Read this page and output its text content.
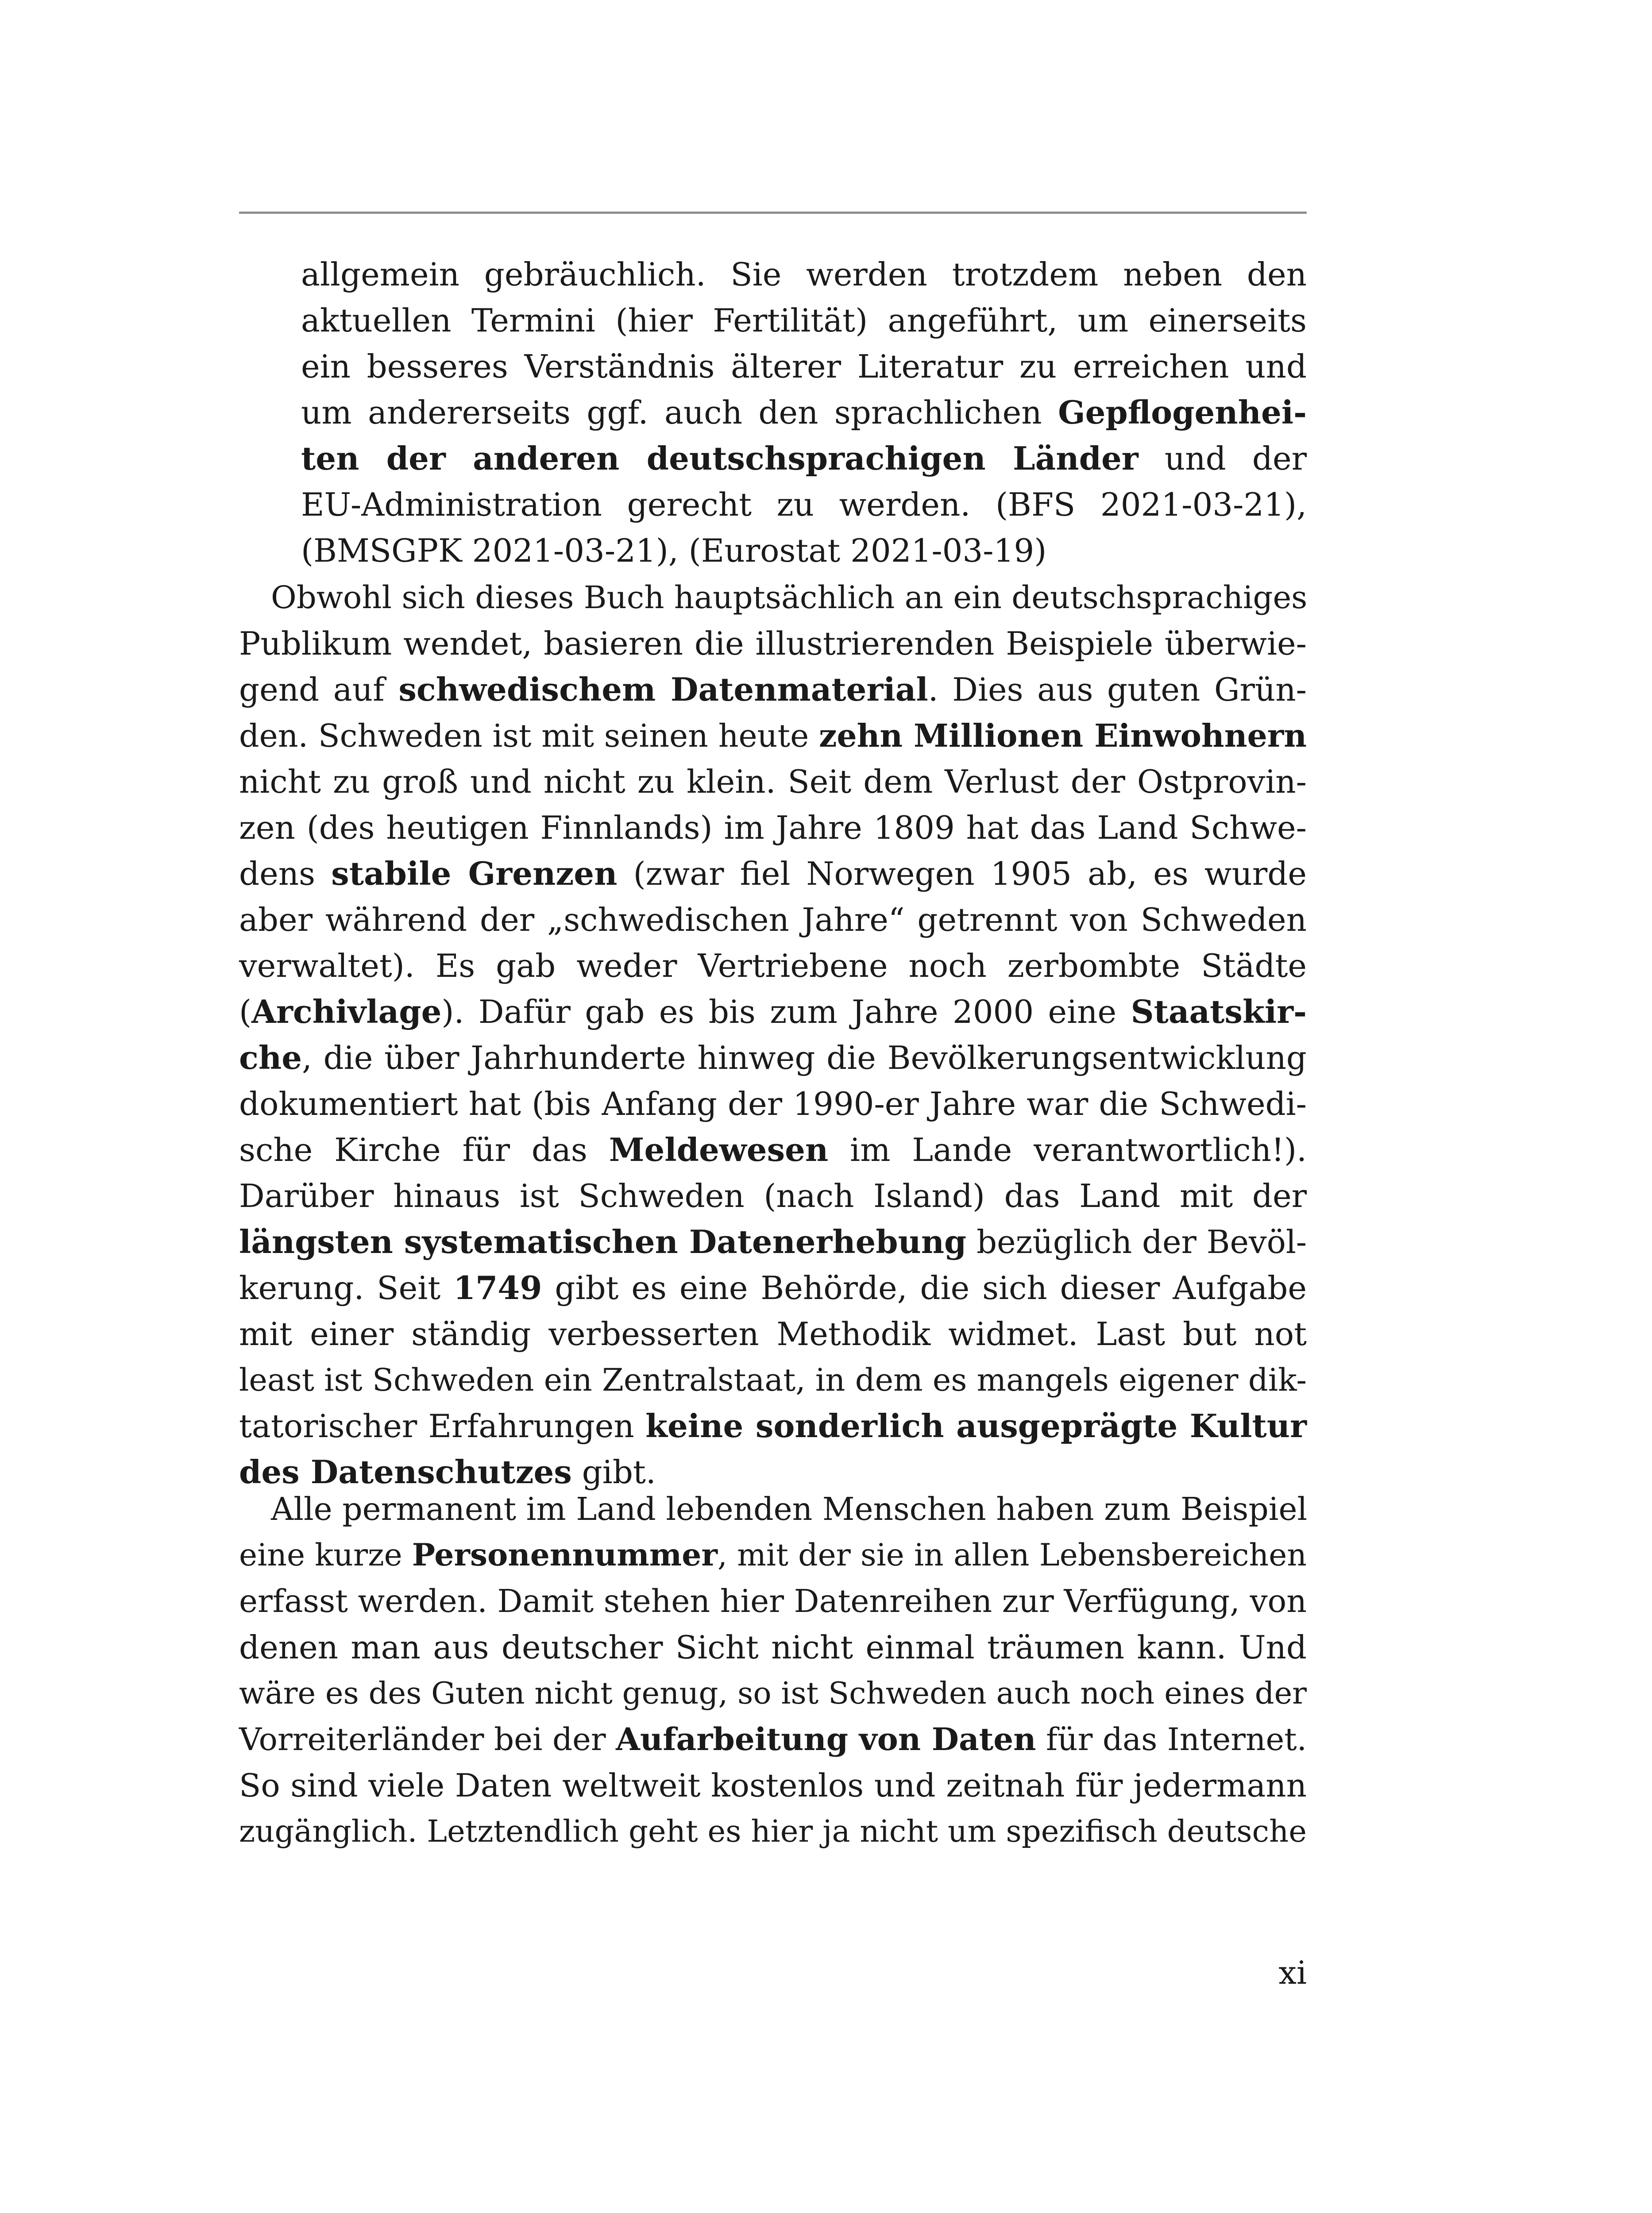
allgemein gebräuchlich. Sie werden trotzdem neben den
aktuellen Termini (hier Fertilität) angeführt, um einerseits
ein besseres Verständnis älterer Literatur zu erreichen und
um andererseits ggf. auch den sprachlichen Gepflogenhei-
ten der anderen deutschsprachigen Länder und der
EU-Administration gerecht zu werden. (BFS 2021-03-21),
(BMSGPK 2021-03-21), (Eurostat 2021-03-19)
Obwohl sich dieses Buch hauptsächlich an ein deutschsprachiges
Publikum wendet, basieren die illustrierenden Beispiele überwie-
gend auf schwedischem Datenmaterial. Dies aus guten Grün-
den. Schweden ist mit seinen heute zehn Millionen Einwohnern
nicht zu groß und nicht zu klein. Seit dem Verlust der Ostprovin-
zen (des heutigen Finnlands) im Jahre 1809 hat das Land Schwe-
dens stabile Grenzen (zwar fiel Norwegen 1905 ab, es wurde
aber während der „schwedischen Jahre“ getrennt von Schweden
verwaltet). Es gab weder Vertriebene noch zerbombte Städte
(Archivlage). Dafür gab es bis zum Jahre 2000 eine Staatskir-
che, die über Jahrhunderte hinweg die Bevölkerungsentwicklung
dokumentiert hat (bis Anfang der 1990-er Jahre war die Schwedi-
sche Kirche für das Meldewesen im Lande verantwortlich!).
Darüber hinaus ist Schweden (nach Island) das Land mit der
längsten systematischen Datenerhebung bezüglich der Bevöl-
kerung. Seit 1749 gibt es eine Behörde, die sich dieser Aufgabe
mit einer ständig verbesserten Methodik widmet. Last but not
least ist Schweden ein Zentralstaat, in dem es mangels eigener dik-
tatorischer Erfahrungen keine sonderlich ausgeprägte Kultur
des Datenschutzes gibt.
Alle permanent im Land lebenden Menschen haben zum Beispiel
eine kurze Personennummer, mit der sie in allen Lebensbereichen
erfasst werden. Damit stehen hier Datenreihen zur Verfügung, von
denen man aus deutscher Sicht nicht einmal träumen kann. Und
wäre es des Guten nicht genug, so ist Schweden auch noch eines der
Vorreiterländer bei der Aufarbeitung von Daten für das Internet.
So sind viele Daten weltweit kostenlos und zeitnah für jedermann
zugänglich. Letztendlich geht es hier ja nicht um spezifisch deutsche
xi
